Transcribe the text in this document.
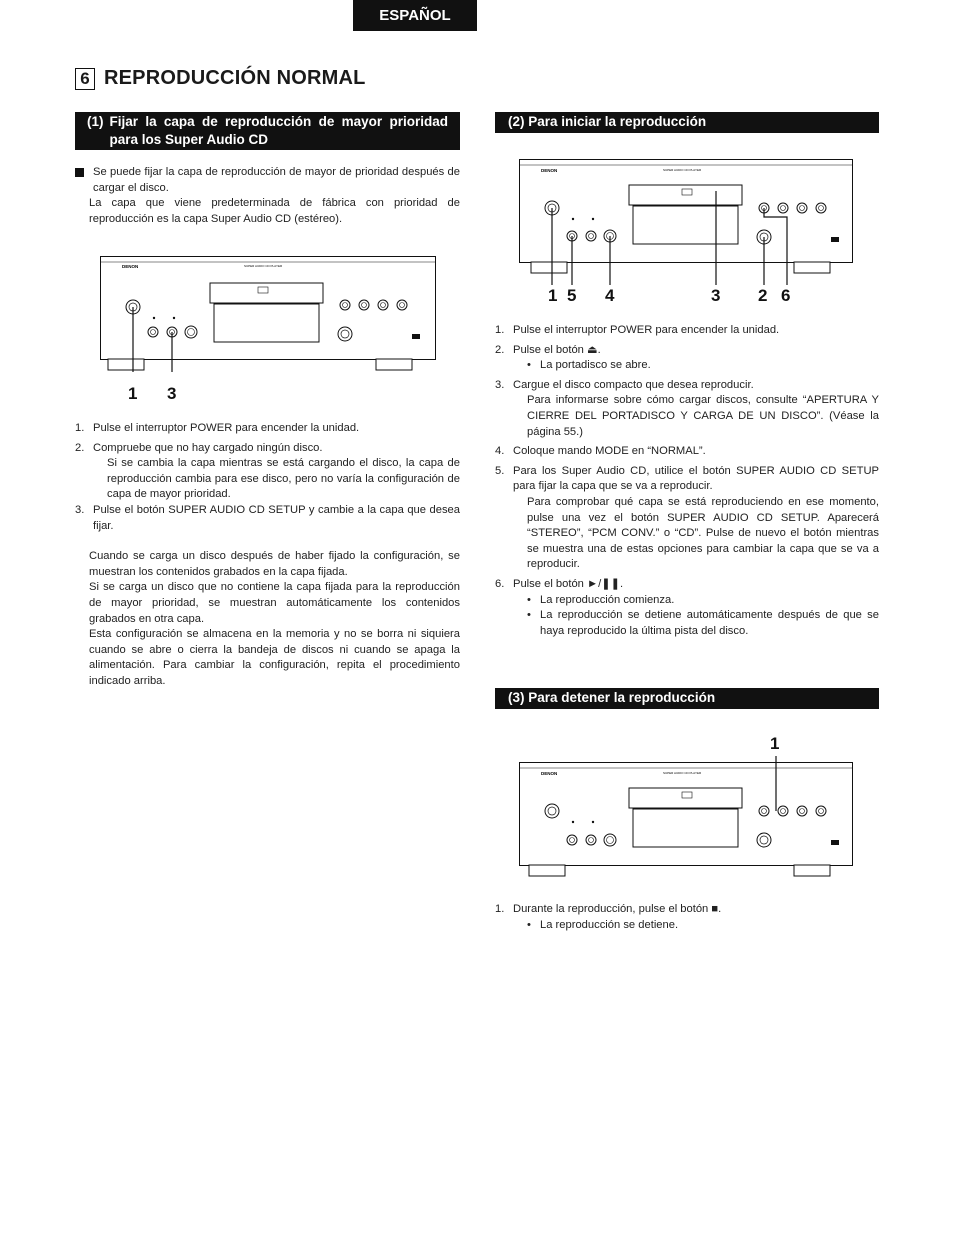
ESPAÑOL
6 REPRODUCCIÓN NORMAL
(1) Fijar la capa de reproducción de mayor prioridad para los Super Audio CD
Se puede fijar la capa de reproducción de mayor de prioridad después de cargar el disco.

La capa que viene predeterminada de fábrica con prioridad de reproducción es la capa Super Audio CD (estéreo).

DENON	SUPER AUDIO CD PLAYER
1 3
1. Pulse el interruptor POWER para encender la unidad.
2. Compruebe que no hay cargado ningún disco.

Si se cambia la capa mientras se está cargando el disco, la capa de reproducción cambia para ese disco, pero no varía la configuración de capa de mayor prioridad.

3. Pulse el botón SUPER AUDIO CD SETUP y cambie a la capa que desea fijar.

Cuando se carga un disco después de haber fijado la configuración, se muestran los contenidos grabados en la capa fijada.

Si se carga un disco que no contiene la capa fijada para la reproducción de mayor prioridad, se muestran automáticamente los contenidos grabados en otra capa.

Esta configuración se almacena en la memoria y no se borra ni siquiera cuando se abre o cierra la bandeja de discos ni cuando se apaga la alimentación. Para cambiar la configuración, repita el procedimiento indicado arriba.

(2) Para iniciar la reproducción
DENON	SUPER AUDIO CD PLAYER
1 5 4	3 2 6
1. Pulse el interruptor POWER para encender la unidad.
2. Pulse el botón ⏏.
• La portadisco se abre.
3. Cargue el disco compacto que desea reproducir.

Para informarse sobre cómo cargar discos, consulte “APERTURA Y CIERRE DEL PORTADISCO Y CARGA DE UN DISCO”. (Véase la página 55.)

4. Coloque mando MODE en “NORMAL”.
5. Para los Super Audio CD, utilice el botón SUPER AUDIO CD SETUP para fijar la capa que se va a reproducir.

Para comprobar qué capa se está reproduciendo en ese momento, pulse una vez el botón SUPER AUDIO CD SETUP. Aparecerá “STEREO”, “PCM CONV.” o “CD”. Pulse de nuevo el botón mientras se muestra una de estas opciones para cambiar la capa que se va a reproducir.

6. Pulse el botón ►/❚❚.
• La reproducción comienza.
• La reproducción se detiene automáticamente después de que se haya reproducido la última pista del disco.
(3) Para detener la reproducción
1
DENON	SUPER AUDIO CD PLAYER
1. Durante la reproducción, pulse el botón ■.
• La reproducción se detiene.
